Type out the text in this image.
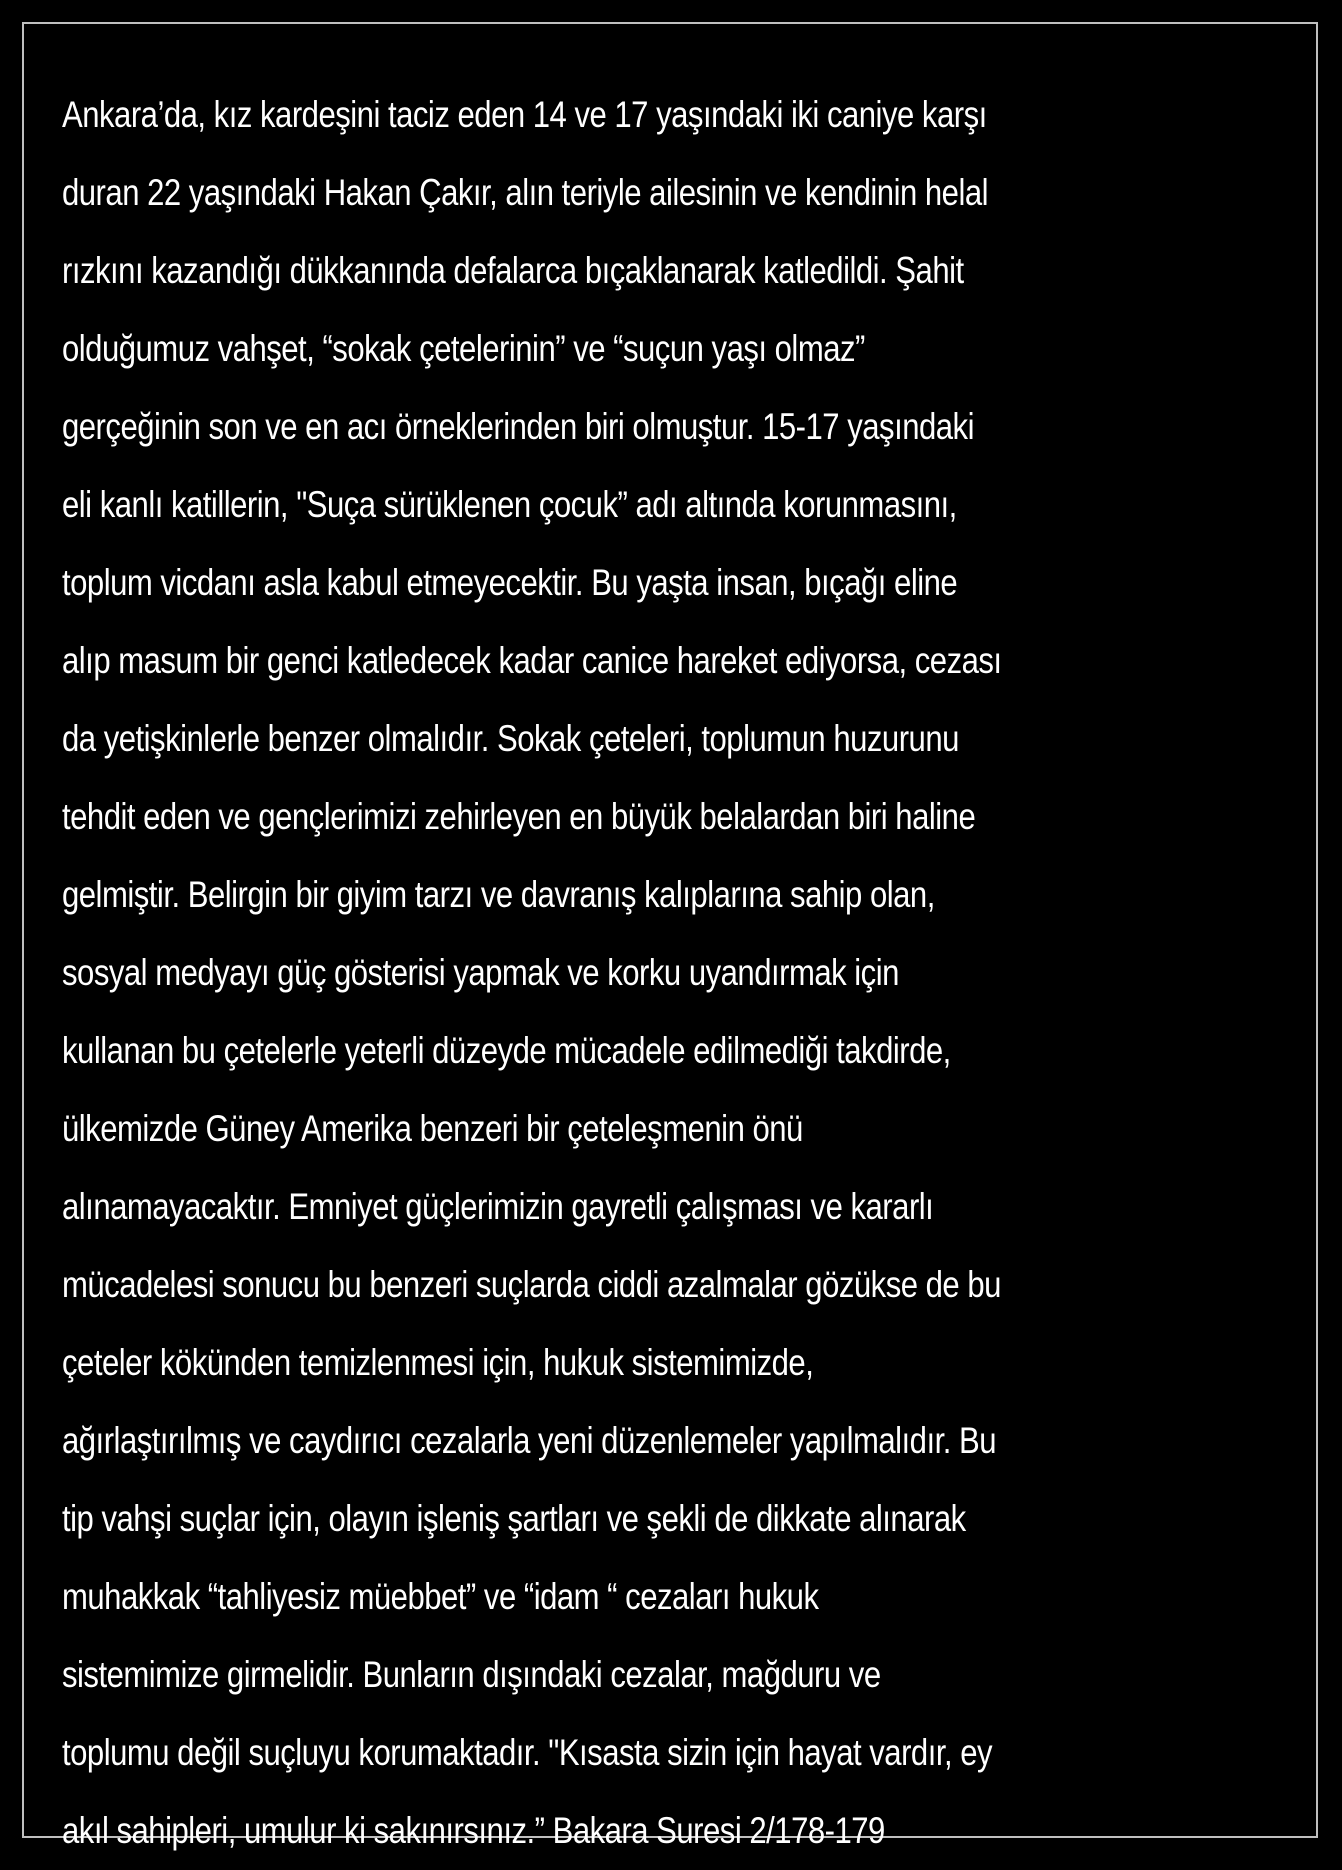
Ankara’da, kız kardeşini taciz eden 14 ve 17 yaşındaki iki caniye karşı
duran 22 yaşındaki Hakan Çakır, alın teriyle ailesinin ve kendinin helal
rızkını kazandığı dükkanında defalarca bıçaklanarak katledildi. Şahit
olduğumuz vahşet, “sokak çetelerinin” ve “suçun yaşı olmaz”
gerçeğinin son ve en acı örneklerinden biri olmuştur. 15-17 yaşındaki
eli kanlı katillerin, "Suça sürüklenen çocuk” adı altında korunmasını,
toplum vicdanı asla kabul etmeyecektir. Bu yaşta insan, bıçağı eline
alıp masum bir genci katledecek kadar canice hareket ediyorsa, cezası
da yetişkinlerle benzer olmalıdır. Sokak çeteleri, toplumun huzurunu
tehdit eden ve gençlerimizi zehirleyen en büyük belalardan biri haline
gelmiştir. Belirgin bir giyim tarzı ve davranış kalıplarına sahip olan,
sosyal medyayı güç gösterisi yapmak ve korku uyandırmak için
kullanan bu çetelerle yeterli düzeyde mücadele edilmediği takdirde,
ülkemizde Güney Amerika benzeri bir çeteleşmenin önü
alınamayacaktır. Emniyet güçlerimizin gayretli çalışması ve kararlı
mücadelesi sonucu bu benzeri suçlarda ciddi azalmalar gözükse de bu
çeteler kökünden temizlenmesi için, hukuk sistemimizde,
ağırlaştırılmış ve caydırıcı cezalarla yeni düzenlemeler yapılmalıdır. Bu
tip vahşi suçlar için, olayın işleniş şartları ve şekli de dikkate alınarak
muhakkak “tahliyesiz müebbet” ve “idam “ cezaları hukuk
sistemimize girmelidir. Bunların dışındaki cezalar, mağduru ve
toplumu değil suçluyu korumaktadır. "Kısasta sizin için hayat vardır, ey
akıl sahipleri, umulur ki sakınırsınız.” Bakara Suresi 2/178-179
